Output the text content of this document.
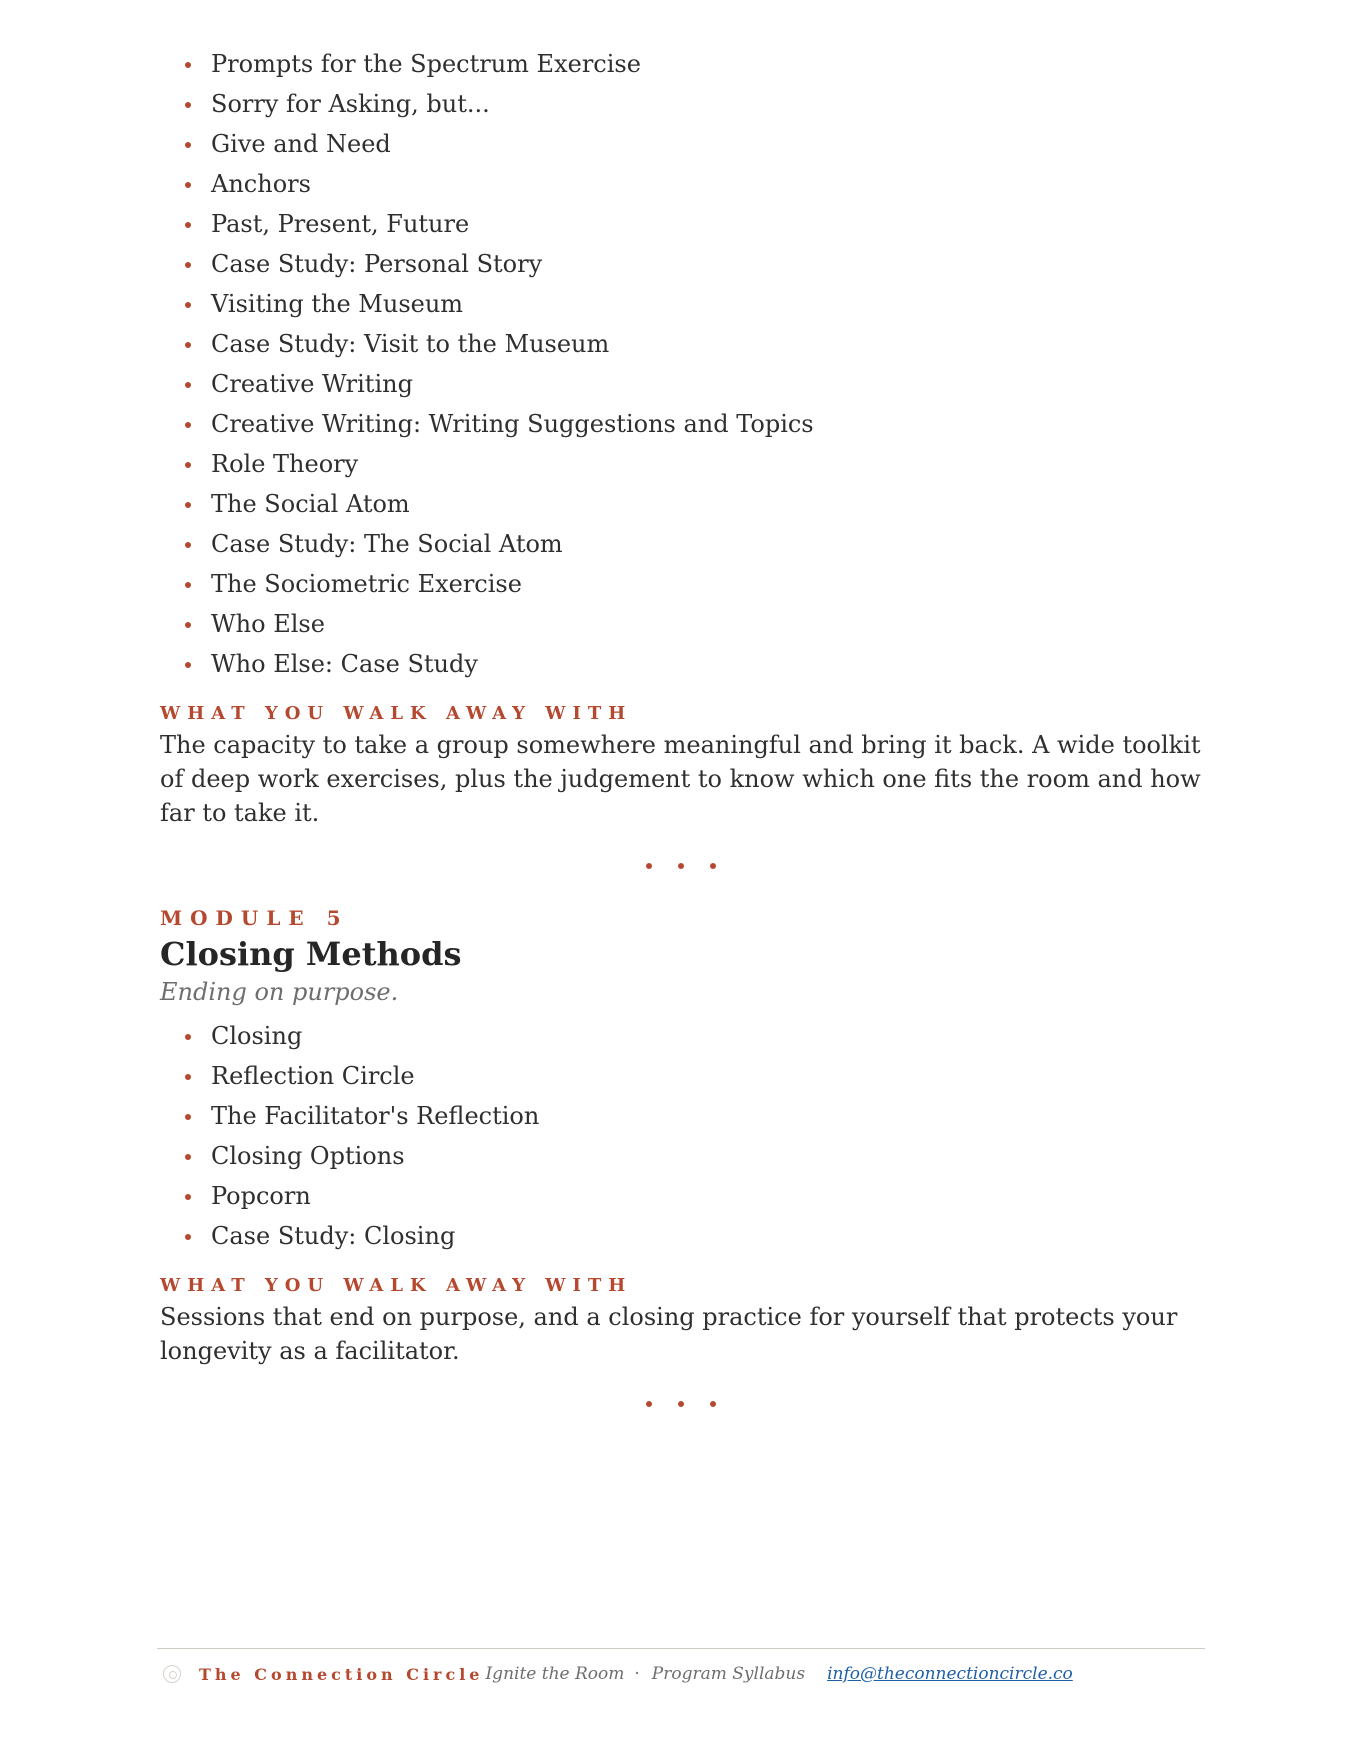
Prompts for the Spectrum Exercise
Sorry for Asking, but...
Give and Need
Anchors
Past, Present, Future
Case Study: Personal Story
Visiting the Museum
Case Study: Visit to the Museum
Creative Writing
Creative Writing: Writing Suggestions and Topics
Role Theory
The Social Atom
Case Study: The Social Atom
The Sociometric Exercise
Who Else
Who Else: Case Study
WHAT YOU WALK AWAY WITH
The capacity to take a group somewhere meaningful and bring it back. A wide toolkit of deep work exercises, plus the judgement to know which one fits the room and how far to take it.
MODULE 5
Closing Methods
Ending on purpose.
Closing
Reflection Circle
The Facilitator's Reflection
Closing Options
Popcorn
Case Study: Closing
WHAT YOU WALK AWAY WITH
Sessions that end on purpose, and a closing practice for yourself that protects your longevity as a facilitator.
The Connection Circle Ignite the Room · Program Syllabus info@theconnectioncircle.co
